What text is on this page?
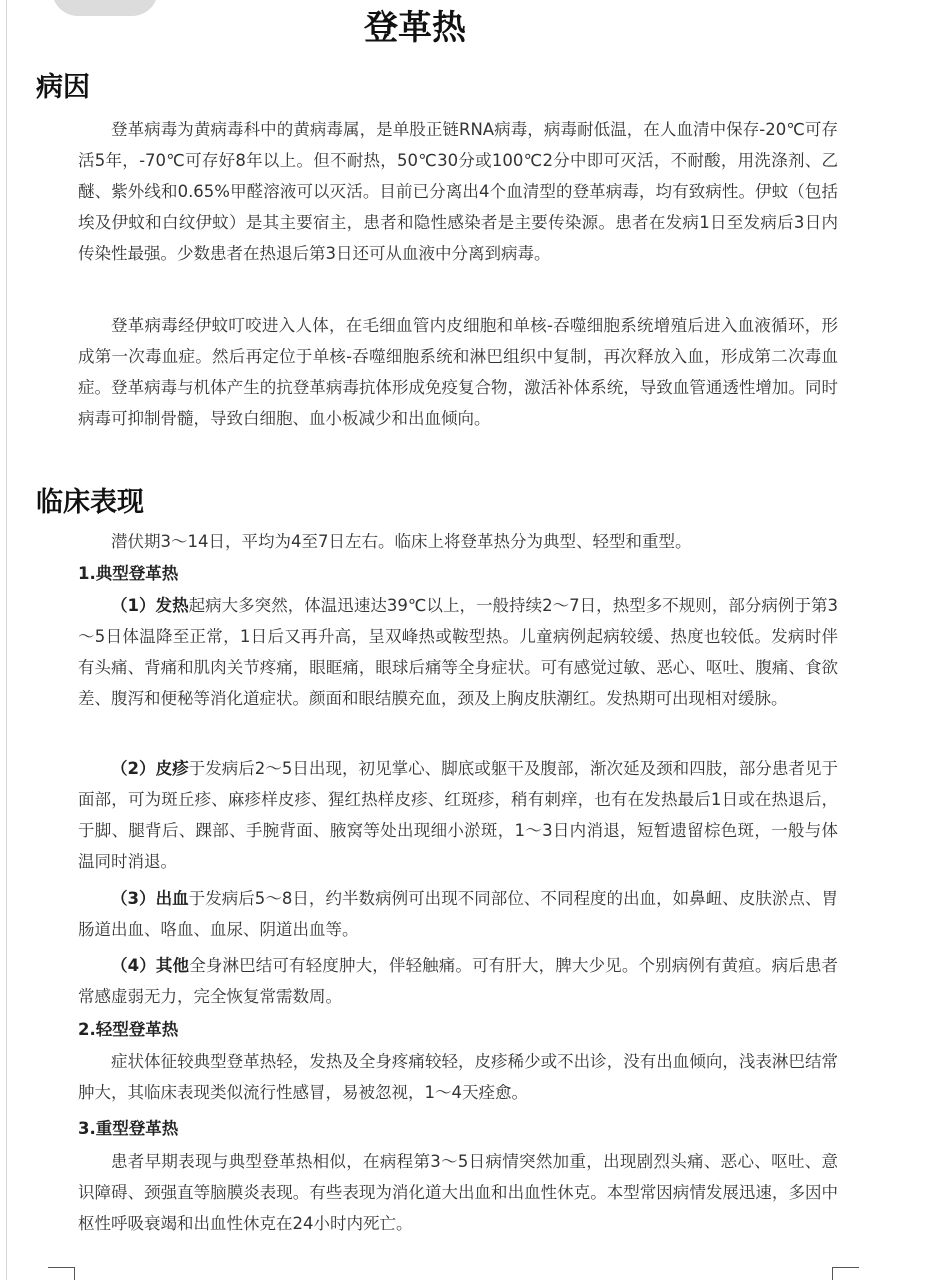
登革热
病因

登革病毒为黄病毒科中的黄病毒属，是单股正链RNA病毒，病毒耐低温，在人血清中保存-20℃可存活5年，-70℃可存好8年以上。但不耐热，50℃30分或100℃2分中即可灭活，不耐酸，用洗涤剂、乙醚、紫外线和0.65%甲醛溶液可以灭活。目前已分离出4个血清型的登革病毒，均有致病性。伊蚊（包括埃及伊蚊和白纹伊蚊）是其主要宿主，患者和隐性感染者是主要传染源。患者在发病1日至发病后3日内传染性最强。少数患者在热退后第3日还可从血液中分离到病毒。

登革病毒经伊蚊叮咬进入人体，在毛细血管内皮细胞和单核-吞噬细胞系统增殖后进入血液循环，形成第一次毒血症。然后再定位于单核-吞噬细胞系统和淋巴组织中复制，再次释放入血，形成第二次毒血症。登革病毒与机体产生的抗登革病毒抗体形成免疫复合物，激活补体系统，导致血管通透性增加。同时病毒可抑制骨髓，导致白细胞、血小板减少和出血倾向。

临床表现

潜伏期3～14日，平均为4至7日左右。临床上将登革热分为典型、轻型和重型。

1.典型登革热

（1）发热起病大多突然，体温迅速达39℃以上，一般持续2～7日，热型多不规则，部分病例于第3～5日体温降至正常，1日后又再升高，呈双峰热或鞍型热。儿童病例起病较缓、热度也较低。发病时伴有头痛、背痛和肌肉关节疼痛，眼眶痛，眼球后痛等全身症状。可有感觉过敏、恶心、呕吐、腹痛、食欲差、腹泻和便秘等消化道症状。颜面和眼结膜充血，颈及上胸皮肤潮红。发热期可出现相对缓脉。

（2）皮疹于发病后2～5日出现，初见掌心、脚底或躯干及腹部，渐次延及颈和四肢，部分患者见于面部，可为斑丘疹、麻疹样皮疹、猩红热样皮疹、红斑疹，稍有刺痒，也有在发热最后1日或在热退后，于脚、腿背后、踝部、手腕背面、腋窝等处出现细小淤斑，1～3日内消退，短暂遗留棕色斑，一般与体温同时消退。

（3）出血于发病后5～8日，约半数病例可出现不同部位、不同程度的出血，如鼻衄、皮肤淤点、胃肠道出血、咯血、血尿、阴道出血等。

（4）其他全身淋巴结可有轻度肿大，伴轻触痛。可有肝大，脾大少见。个别病例有黄疸。病后患者常感虚弱无力，完全恢复常需数周。

2.轻型登革热

症状体征较典型登革热轻，发热及全身疼痛较轻，皮疹稀少或不出诊，没有出血倾向，浅表淋巴结常肿大，其临床表现类似流行性感冒，易被忽视，1～4天痊愈。

3.重型登革热

患者早期表现与典型登革热相似，在病程第3～5日病情突然加重，出现剧烈头痛、恶心、呕吐、意识障碍、颈强直等脑膜炎表现。有些表现为消化道大出血和出血性休克。本型常因病情发展迅速，多因中枢性呼吸衰竭和出血性休克在24小时内死亡。
